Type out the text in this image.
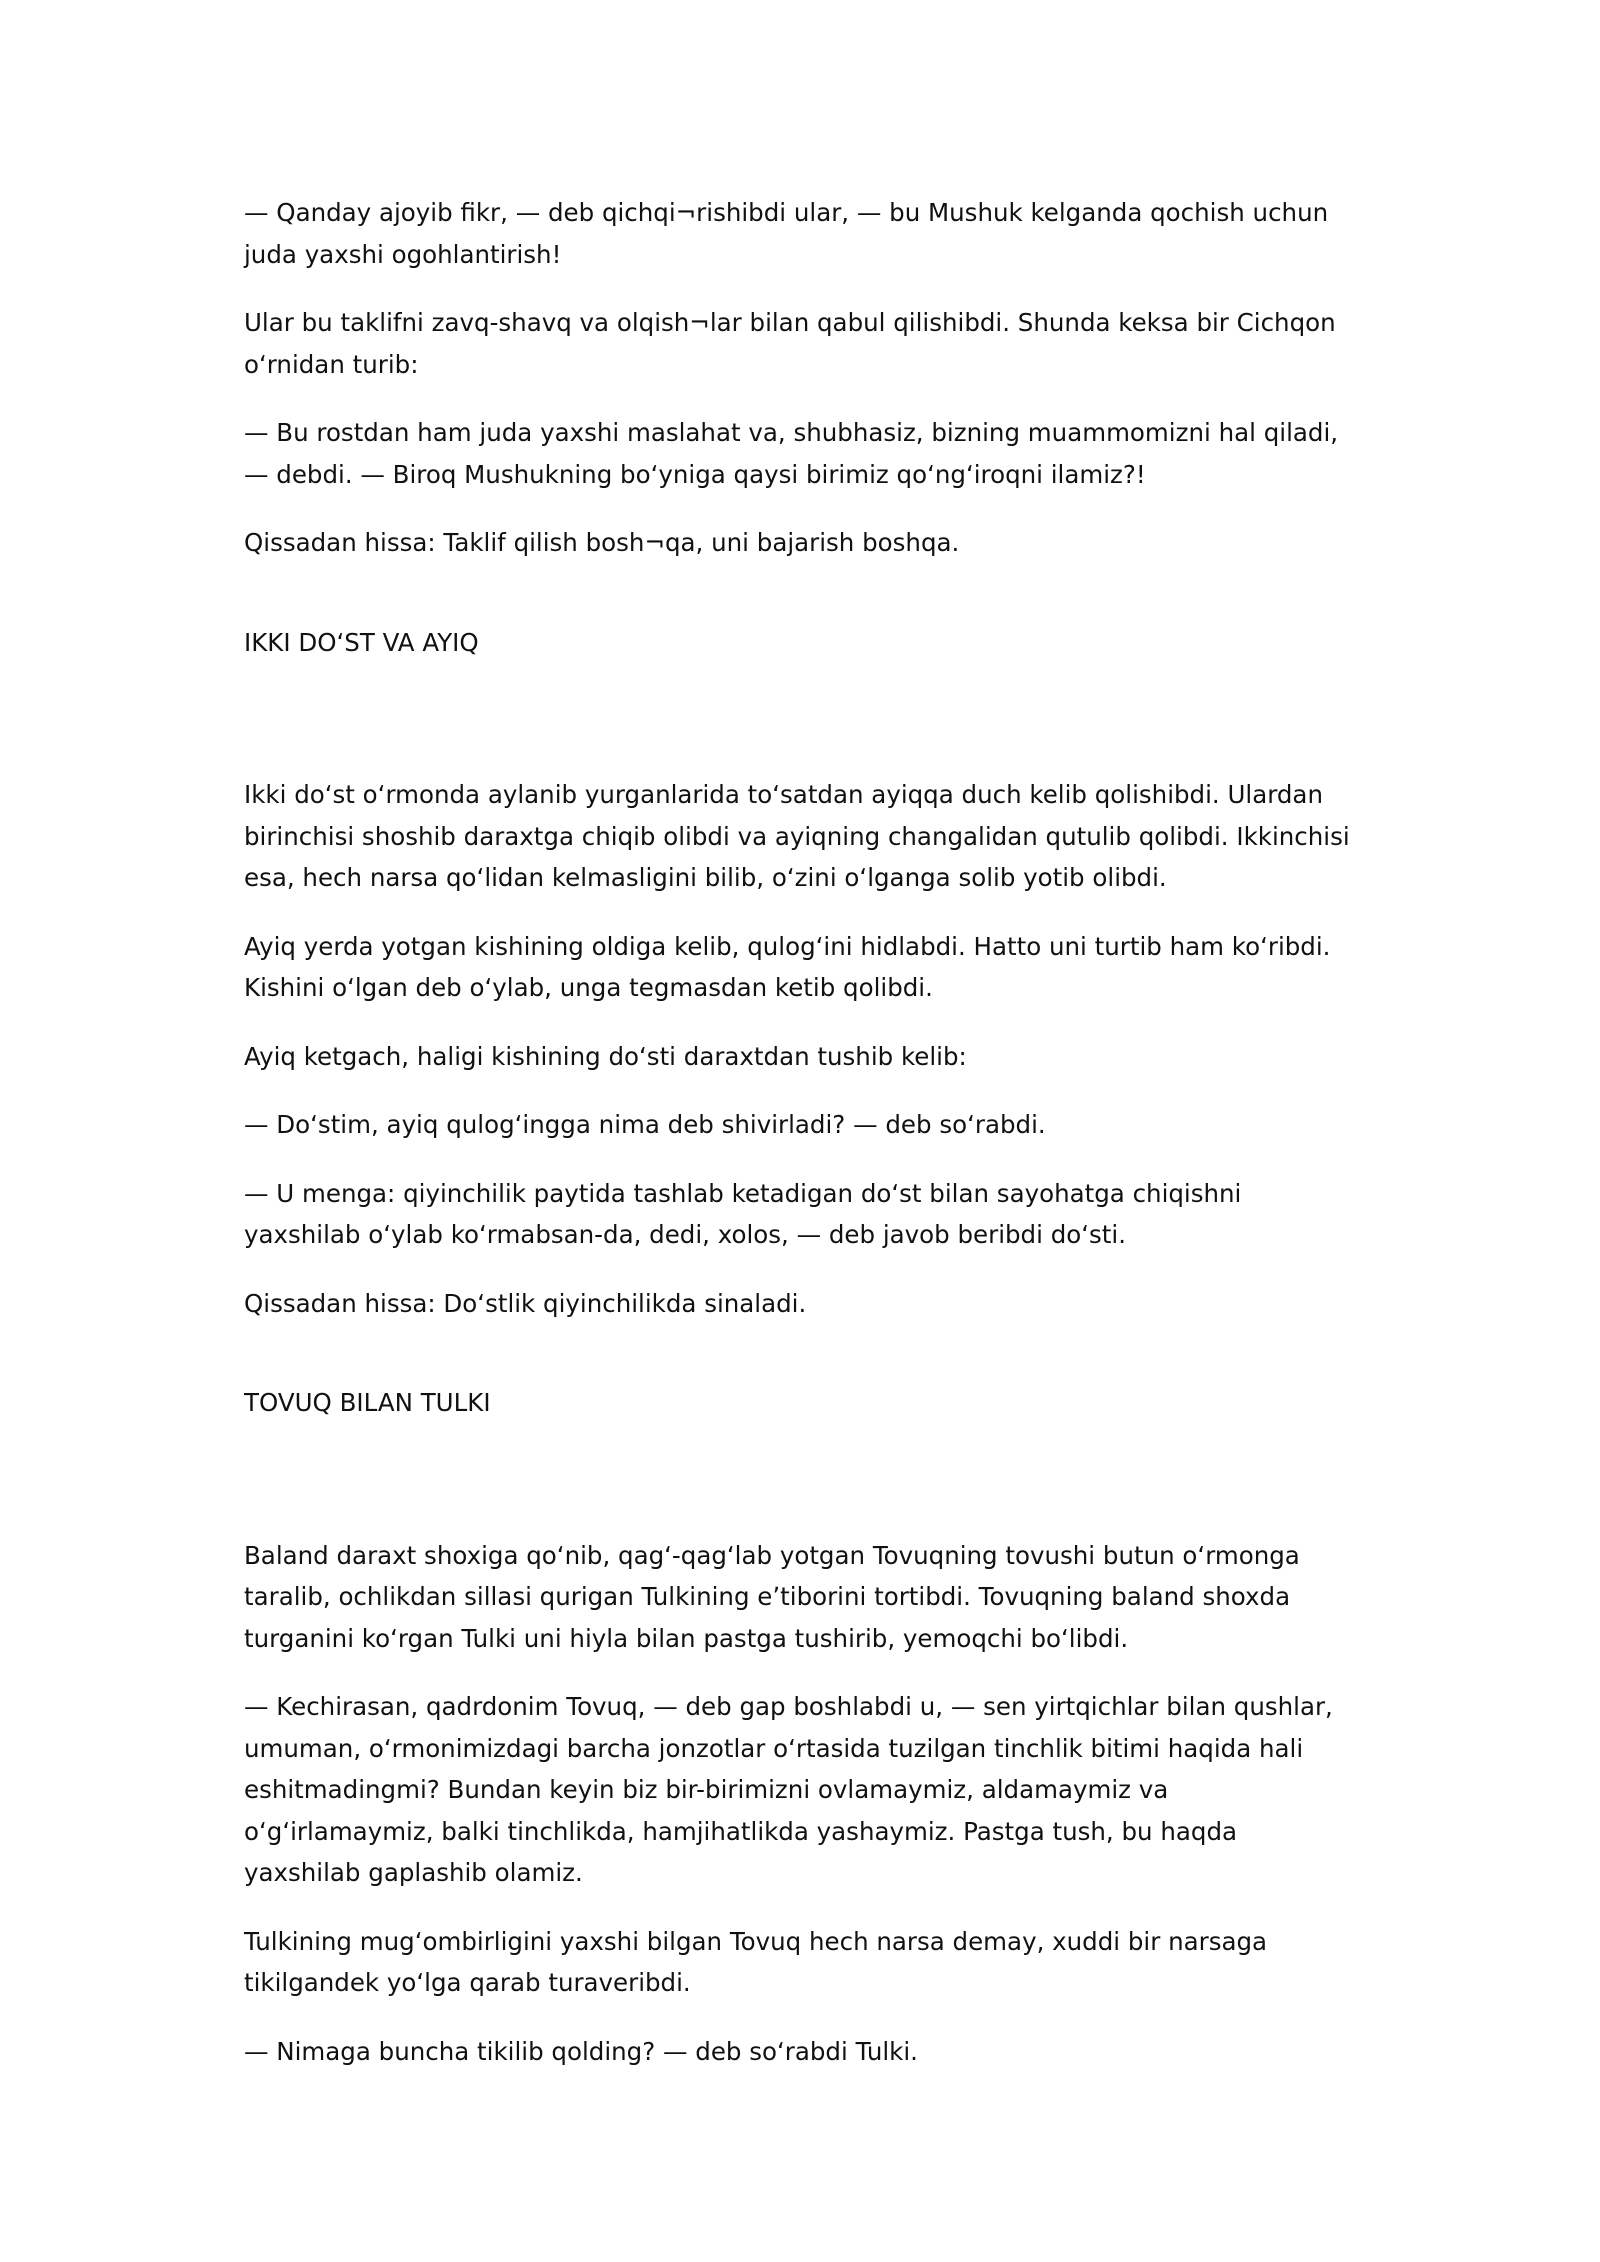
— Qanday ajoyib fikr, — deb qichqi¬rishibdi ular, — bu Mushuk kelganda qochish uchun juda yaxshi ogohlantirish!

Ular bu taklifni zavq-shavq va olqish¬lar bilan qabul qilishibdi. Shunda keksa bir Cichqon oʻrnidan turib:

— Bu rostdan ham juda yaxshi maslahat va, shubhasiz, bizning muammomizni hal qiladi, — debdi. — Biroq Mushukning boʻyniga qaysi birimiz qoʻngʻiroqni ilamiz?!

Qissadan hissa: Taklif qilish bosh¬qa, uni bajarish boshqa.

IKKI DOʻST VA AYIQ

Ikki doʻst oʻrmonda aylanib yurganlarida toʻsatdan ayiqqa duch kelib qolishibdi. Ulardan birinchisi shoshib daraxtga chiqib olibdi va ayiqning changalidan qutulib qolibdi. Ikkinchisi esa, hech narsa qoʻlidan kelmasligini bilib, oʻzini oʻlganga solib yotib olibdi.

Ayiq yerda yotgan kishining oldiga kelib, qulogʻini hidlabdi. Hatto uni turtib ham koʻribdi. Kishini oʻlgan deb oʻylab, unga tegmasdan ketib qolibdi.

Ayiq ketgach, haligi kishining doʻsti daraxtdan tushib kelib:

— Doʻstim, ayiq qulogʻingga nima deb shivirladi? — deb soʻrabdi.

— U menga: qiyinchilik paytida tashlab ketadigan doʻst bilan sayohatga chiqishni yaxshilab oʻylab koʻrmabsan-da, dedi, xolos, — deb javob beribdi doʻsti.

Qissadan hissa: Doʻstlik qiyinchilikda sinaladi.

TOVUQ BILAN TULKI

Baland daraxt shoxiga qoʻnib, qagʻ-qagʻlab yotgan Tovuqning tovushi butun oʻrmonga taralib, ochlikdan sillasi qurigan Tulkining eʼtiborini tortibdi. Tovuqning baland shoxda turganini koʻrgan Tulki uni hiyla bilan pastga tushirib, yemoqchi boʻlibdi.

— Kechirasan, qadrdonim Tovuq, — deb gap boshlabdi u, — sen yirtqichlar bilan qushlar, umuman, oʻrmonimizdagi barcha jonzotlar oʻrtasida tuzilgan tinchlik bitimi haqida hali eshitmadingmi? Bundan keyin biz bir-birimizni ovlamaymiz, aldamaymiz va oʻgʻirlamaymiz, balki tinchlikda, hamjihatlikda yashaymiz. Pastga tush, bu haqda yaxshilab gaplashib olamiz.

Tulkining mugʻombirligini yaxshi bilgan Tovuq hech narsa demay, xuddi bir narsaga tikilgandek yoʻlga qarab turaveribdi.

— Nimaga buncha tikilib qolding? — deb soʻrabdi Tulki.
